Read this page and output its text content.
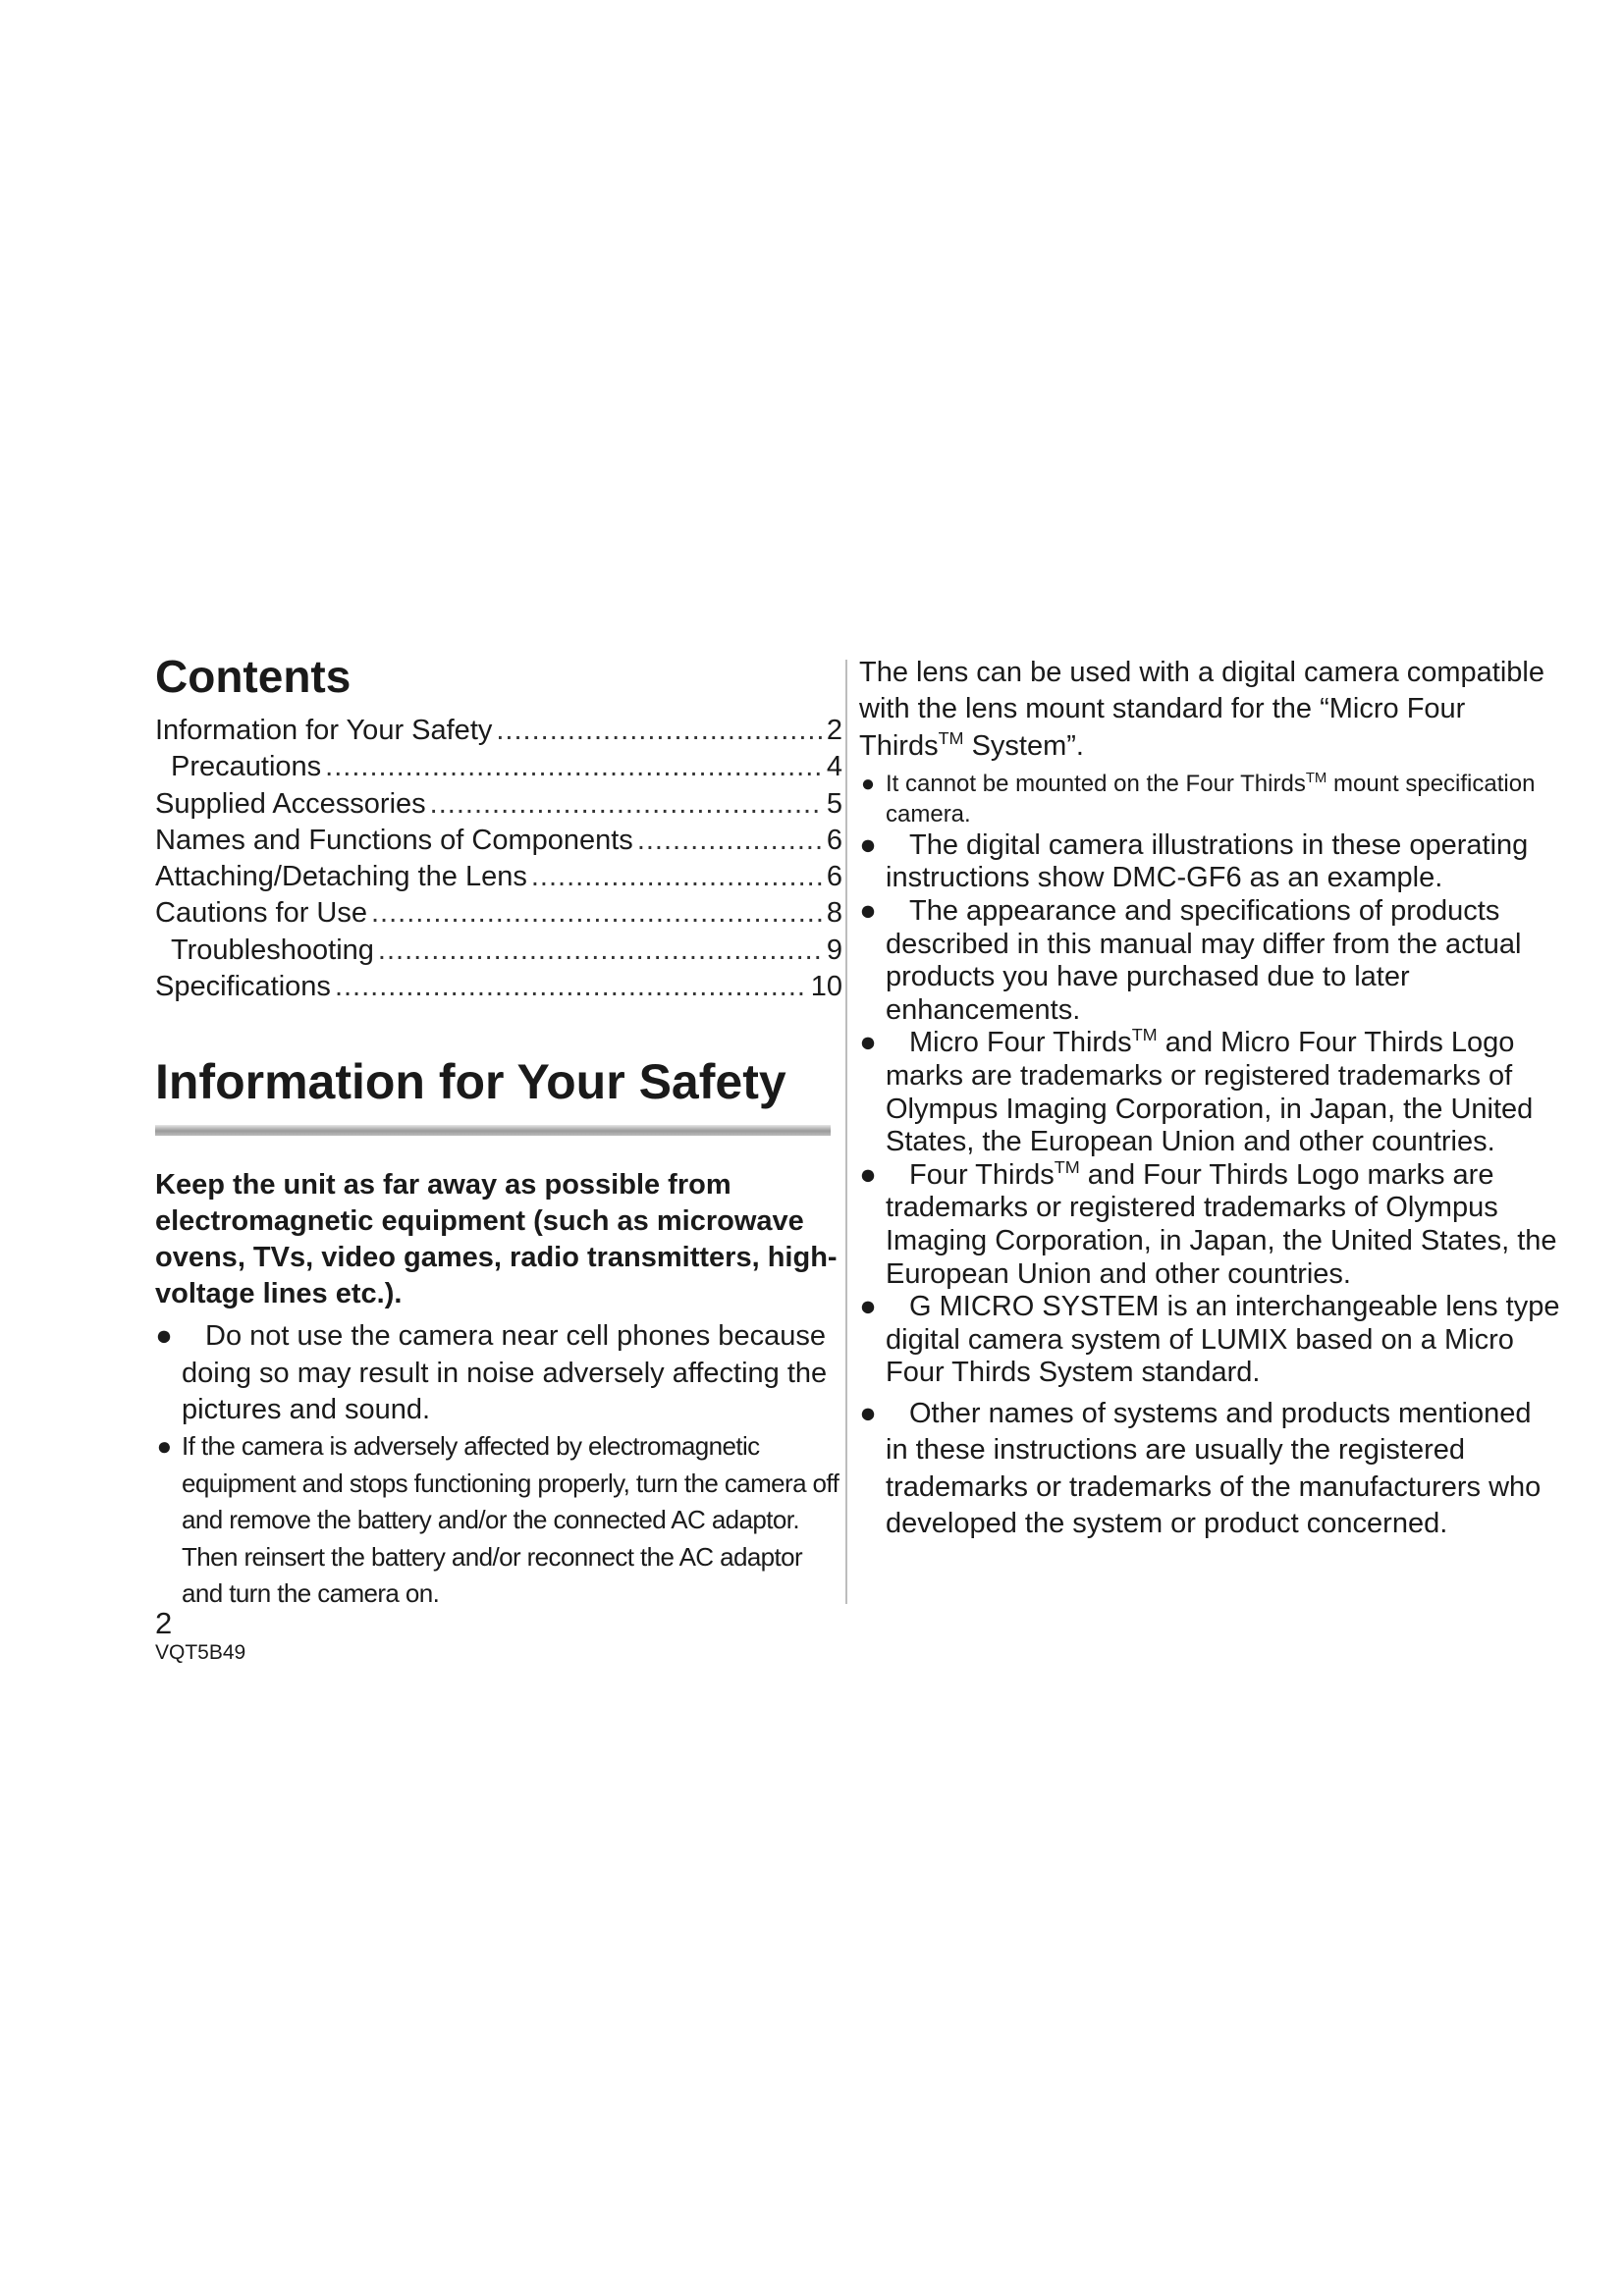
Contents
Information for Your Safety .....	2
Precautions .....	4
Supplied Accessories .....	5
Names and Functions of Components .....	6
Attaching/Detaching the Lens .....	6
Cautions for Use .....	8
Troubleshooting .....	9
Specifications .....	10
Information for Your Safety

Keep the unit as far away as possible from electromagnetic equipment (such as microwave ovens, TVs, video games, radio transmitters, high-voltage lines etc.).

● Do not use the camera near cell phones because doing so may result in noise adversely affecting the pictures and sound.
● If the camera is adversely affected by electromagnetic equipment and stops functioning properly, turn the camera off and remove the battery and/or the connected AC adaptor. Then reinsert the battery and/or reconnect the AC adaptor and turn the camera on.

The lens can be used with a digital camera compatible with the lens mount standard for the “Micro Four Thirds™ System”.

● It cannot be mounted on the Four Thirds™ mount specification camera.
● The digital camera illustrations in these operating instructions show DMC-GF6 as an example.
● The appearance and specifications of products described in this manual may differ from the actual products you have purchased due to later enhancements.
● Micro Four Thirds™ and Micro Four Thirds Logo marks are trademarks or registered trademarks of Olympus Imaging Corporation, in Japan, the United States, the European Union and other countries.
● Four Thirds™ and Four Thirds Logo marks are trademarks or registered trademarks of Olympus Imaging Corporation, in Japan, the United States, the European Union and other countries.
● G MICRO SYSTEM is an interchangeable lens type digital camera system of LUMIX based on a Micro Four Thirds System standard.
● Other names of systems and products mentioned in these instructions are usually the registered trademarks or trademarks of the manufacturers who developed the system or product concerned.
2
VQT5B49
